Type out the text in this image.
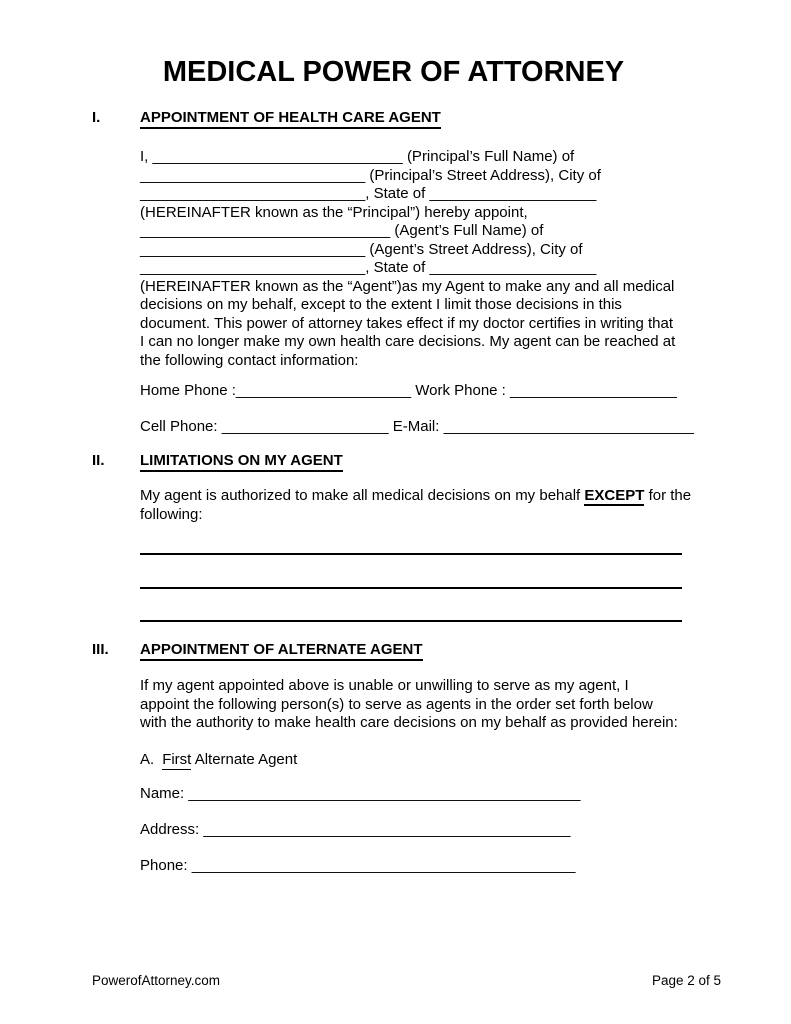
MEDICAL POWER OF ATTORNEY
I.	APPOINTMENT OF HEALTH CARE AGENT
I, ______________________________ (Principal’s Full Name) of
___________________________ (Principal’s Street Address), City of
___________________________, State of ____________________
(HEREINAFTER known as the “Principal”) hereby appoint,
______________________________ (Agent’s Full Name) of
___________________________ (Agent’s Street Address), City of
___________________________, State of ____________________
(HEREINAFTER known as the “Agent”)as my Agent to make any and all medical
decisions on my behalf, except to the extent I limit those decisions in this
document. This power of attorney takes effect if my doctor certifies in writing that
I can no longer make my own health care decisions. My agent can be reached at
the following contact information:
Home Phone :_____________________ Work Phone : ____________________
Cell Phone: ____________________ E-Mail: ______________________________
II.	LIMITATIONS ON MY AGENT
My agent is authorized to make all medical decisions on my behalf EXCEPT for the following:
III.	APPOINTMENT OF ALTERNATE AGENT
If my agent appointed above is unable or unwilling to serve as my agent, I
appoint the following person(s) to serve as agents in the order set forth below
with the authority to make health care decisions on my behalf as provided herein:
A. First Alternate Agent
Name: _______________________________________________
Address: ____________________________________________
Phone: ______________________________________________
PowerofAttorney.com	Page 2 of 5
